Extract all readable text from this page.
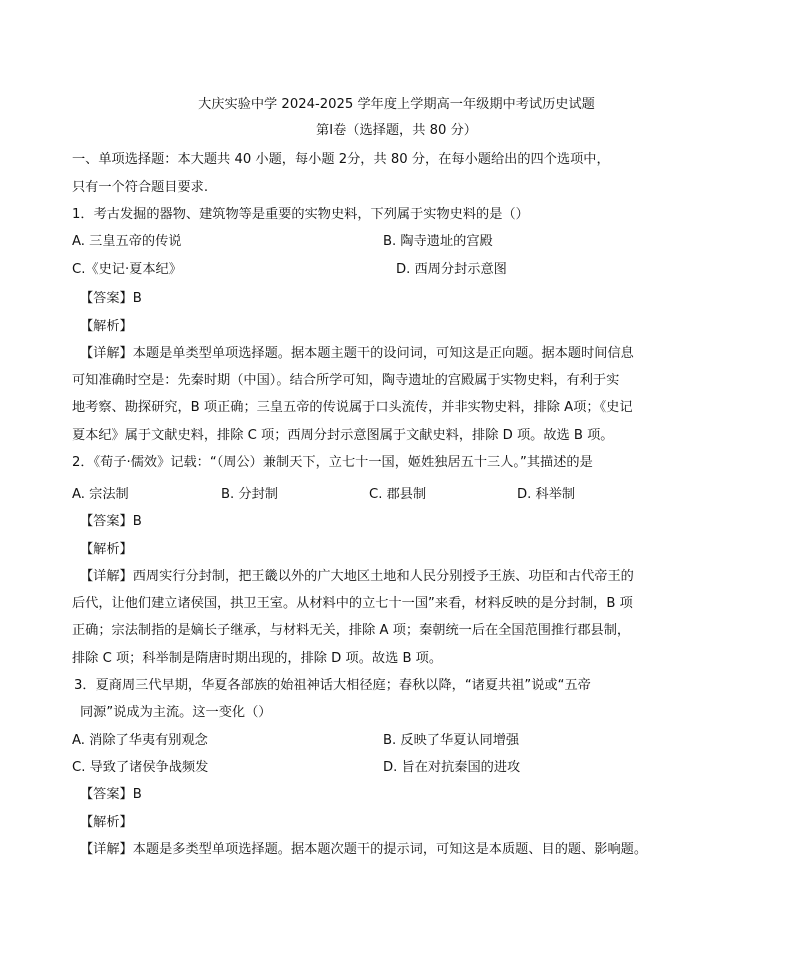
大庆实验中学 2024-2025 学年度上学期高一年级期中考试历史试题
第Ⅰ卷（选择题，共 80 分）
一、单项选择题：本大题共 40 小题，每小题 2分，共 80 分，在每小题给出的四个选项中，
只有一个符合题目要求.
1．考古发掘的器物、建筑物等是重要的实物史料，下列属于实物史料的是（）
A. 三皇五帝的传说	B. 陶寺遗址的宫殿
C.《史记·夏本纪》	D. 西周分封示意图
【答案】B
【解析】
【详解】本题是单类型单项选择题。据本题主题干的设问词，可知这是正向题。据本题时间信息
可知准确时空是：先秦时期（中国）。结合所学可知，陶寺遗址的宫殿属于实物史料，有利于实
地考察、勘探研究，B 项正确；三皇五帝的传说属于口头流传，并非实物史料，排除 A项；《史记
夏本纪》属于文献史料，排除 C 项；西周分封示意图属于文献史料，排除 D 项。故选 B 项。
2．《荀子·儒效》记载：“（周公）兼制天下，立七十一国，姬姓独居五十三人。”其描述的是
A. 宗法制	B. 分封制	C. 郡县制	D. 科举制
【答案】B
【解析】
【详解】西周实行分封制，把王畿以外的广大地区土地和人民分别授予王族、功臣和古代帝王的
后代，让他们建立诸侯国，拱卫王室。从材料中的立七十一国”来看，材料反映的是分封制，B 项
正确；宗法制指的是嫡长子继承，与材料无关，排除 A 项；秦朝统一后在全国范围推行郡县制，
排除 C 项；科举制是隋唐时期出现的，排除 D 项。故选 B 项。
3．夏商周三代早期，华夏各部族的始祖神话大相径庭；春秋以降，“诸夏共祖”说或“五帝
同源”说成为主流。这一变化（）
A. 消除了华夷有别观念	B. 反映了华夏认同增强
C. 导致了诸侯争战频发	D. 旨在对抗秦国的进攻
【答案】B
【解析】
【详解】本题是多类型单项选择题。据本题次题干的提示词，可知这是本质题、目的题、影响题。
